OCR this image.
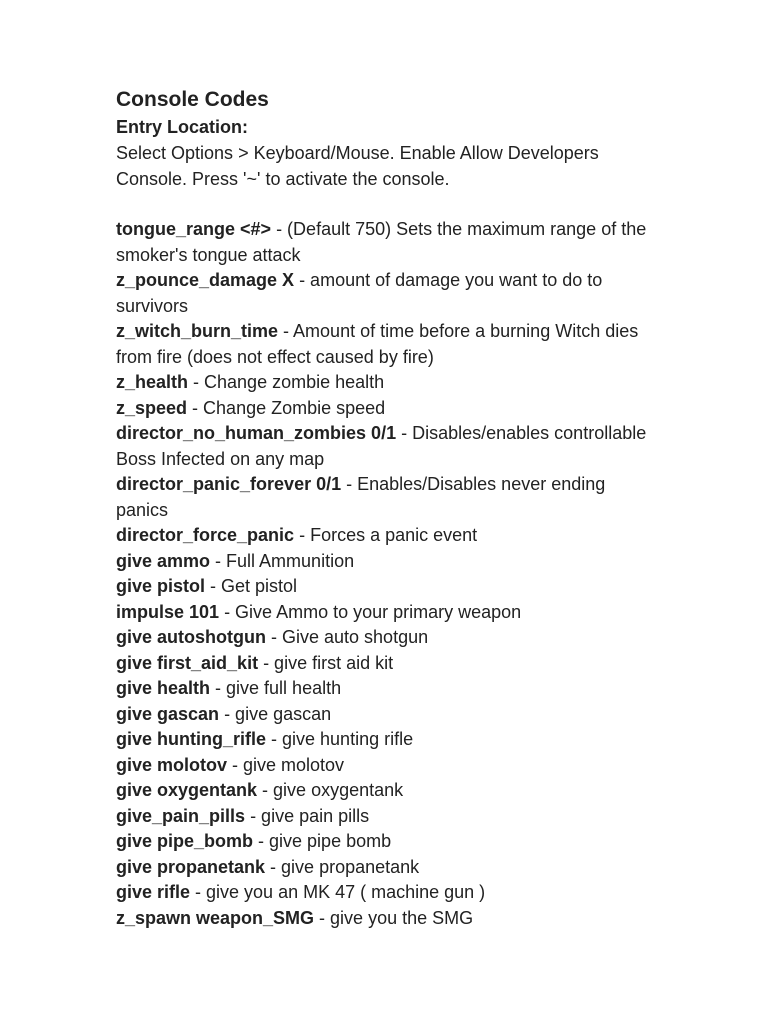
Console Codes
Entry Location:

Select Options > Keyboard/Mouse. Enable Allow Developers Console. Press '~' to activate the console.

tongue_range <#> - (Default 750) Sets the maximum range of the smoker's tongue attack

z_pounce_damage X - amount of damage you want to do to survivors

z_witch_burn_time - Amount of time before a burning Witch dies from fire (does not effect caused by fire)

z_health - Change zombie health

z_speed - Change Zombie speed

director_no_human_zombies 0/1 - Disables/enables controllable Boss Infected on any map

director_panic_forever 0/1 - Enables/Disables never ending panics

director_force_panic - Forces a panic event

give ammo - Full Ammunition

give pistol - Get pistol

impulse 101 - Give Ammo to your primary weapon

give autoshotgun - Give auto shotgun

give first_aid_kit - give first aid kit

give health - give full health

give gascan - give gascan

give hunting_rifle - give hunting rifle

give molotov - give molotov

give oxygentank - give oxygentank

give_pain_pills - give pain pills

give pipe_bomb - give pipe bomb

give propanetank - give propanetank

give rifle - give you an MK 47 ( machine gun )

z_spawn weapon_SMG - give you the SMG
